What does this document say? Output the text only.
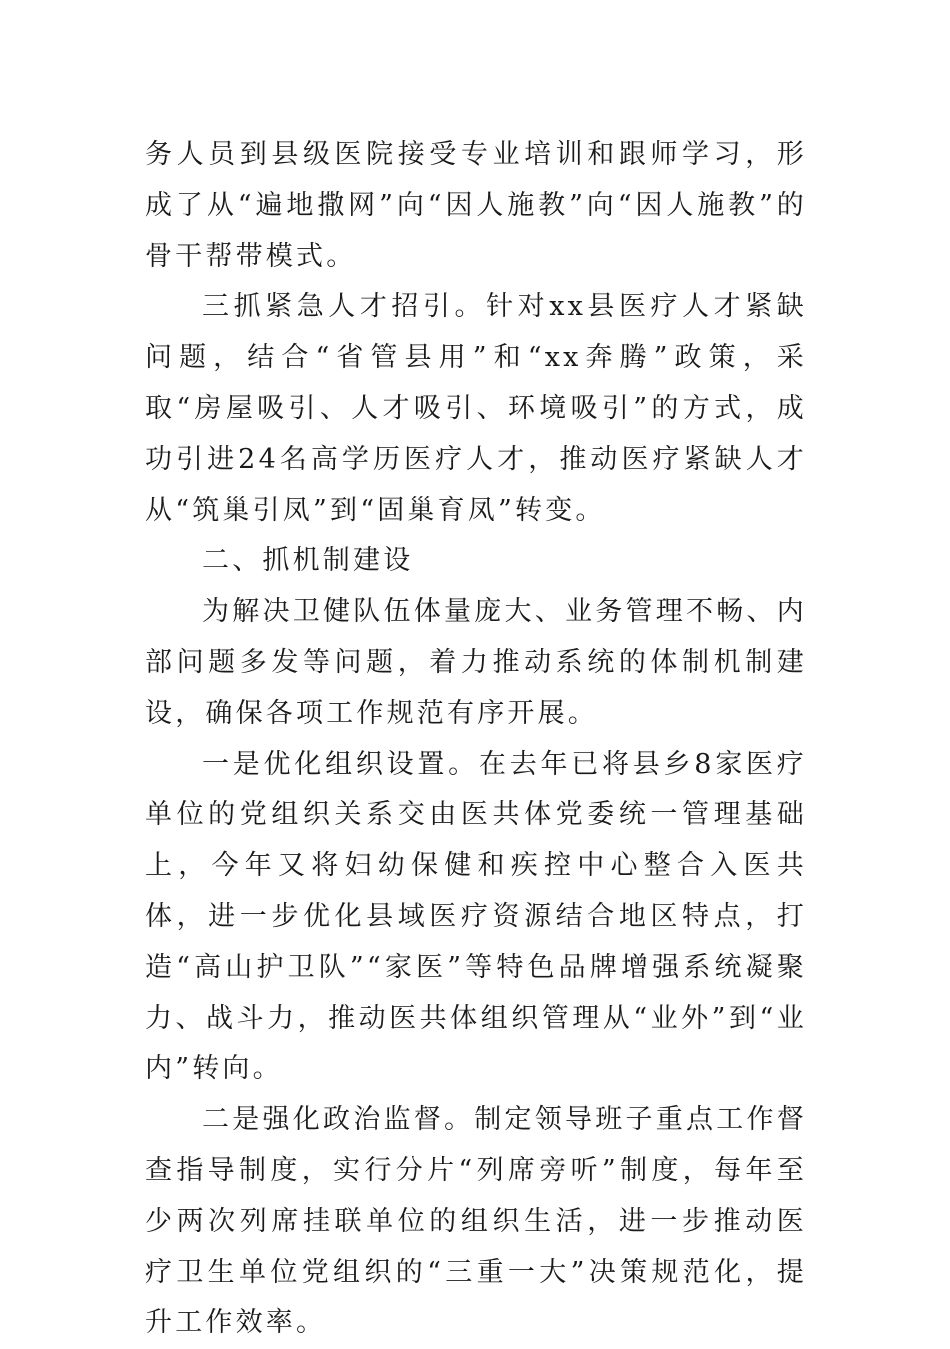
务人员到县级医院接受专业培训和跟师学习，形成了从“遍地撒网”向“因人施教”向“因人施教”的骨干帮带模式。

三抓紧急人才招引。针对xx县医疗人才紧缺问题，结合“省管县用”和“xx奔腾”政策，采取“房屋吸引、人才吸引、环境吸引”的方式，成功引进24名高学历医疗人才，推动医疗紧缺人才从“筑巢引凤”到“固巢育凤”转变。

二、抓机制建设

为解决卫健队伍体量庞大、业务管理不畅、内部问题多发等问题，着力推动系统的体制机制建设，确保各项工作规范有序开展。

一是优化组织设置。在去年已将县乡8家医疗单位的党组织关系交由医共体党委统一管理基础上，今年又将妇幼保健和疾控中心整合入医共体，进一步优化县域医疗资源结合地区特点，打造“高山护卫队”“家医”等特色品牌增强系统凝聚力、战斗力，推动医共体组织管理从“业外”到“业内”转向。

二是强化政治监督。制定领导班子重点工作督查指导制度，实行分片“列席旁听”制度，每年至少两次列席挂联单位的组织生活，进一步推动医疗卫生单位党组织的“三重一大”决策规范化，提升工作效率。
